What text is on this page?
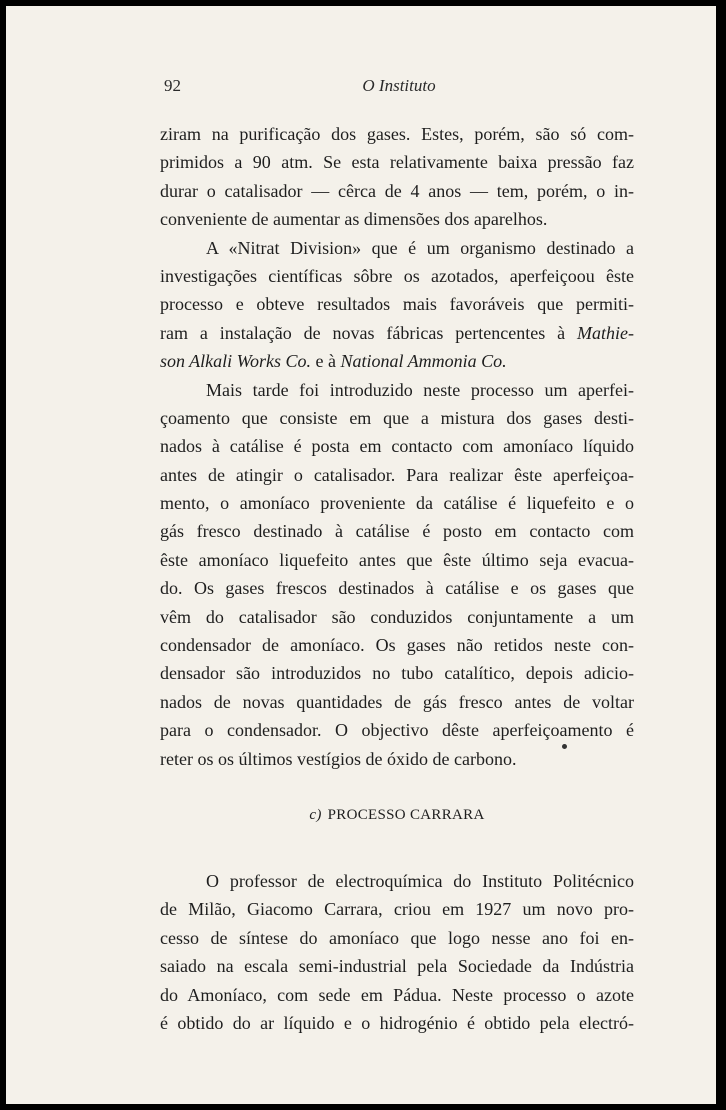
92	O Instituto
ziram na purificação dos gases. Estes, porém, são só com-
primidos a 90 atm. Se esta relativamente baixa pressão faz
durar o catalisador — cêrca de 4 anos — tem, porém, o in-
conveniente de aumentar as dimensões dos aparelhos.
A «Nitrat Division» que é um organismo destinado a
investigações científicas sôbre os azotados, aperfeiçoou êste
processo e obteve resultados mais favoráveis que permiti-
ram a instalação de novas fábricas pertencentes à Mathie-
son Alkali Works Co. e à National Ammonia Co.
Mais tarde foi introduzido neste processo um aperfei-
çoamento que consiste em que a mistura dos gases desti-
nados à catálise é posta em contacto com amoníaco líquido
antes de atingir o catalisador. Para realizar êste aperfeiçoa-
mento, o amoníaco proveniente da catálise é liquefeito e o
gás fresco destinado à catálise é posto em contacto com
êste amoníaco liquefeito antes que êste último seja evacua-
do. Os gases frescos destinados à catálise e os gases que
vêm do catalisador são conduzidos conjuntamente a um
condensador de amoníaco. Os gases não retidos neste con-
densador são introduzidos no tubo catalítico, depois adicio-
nados de novas quantidades de gás fresco antes de voltar
para o condensador. O objectivo dêste aperfeiçoamento é
reter os os últimos vestígios de óxido de carbono.
c) PROCESSO CARRARA
O professor de electroquímica do Instituto Politécnico
de Milão, Giacomo Carrara, criou em 1927 um novo pro-
cesso de síntese do amoníaco que logo nesse ano foi en-
saiado na escala semi-industrial pela Sociedade da Indústria
do Amoníaco, com sede em Pádua. Neste processo o azote
é obtido do ar líquido e o hidrogénio é obtido pela electró-
